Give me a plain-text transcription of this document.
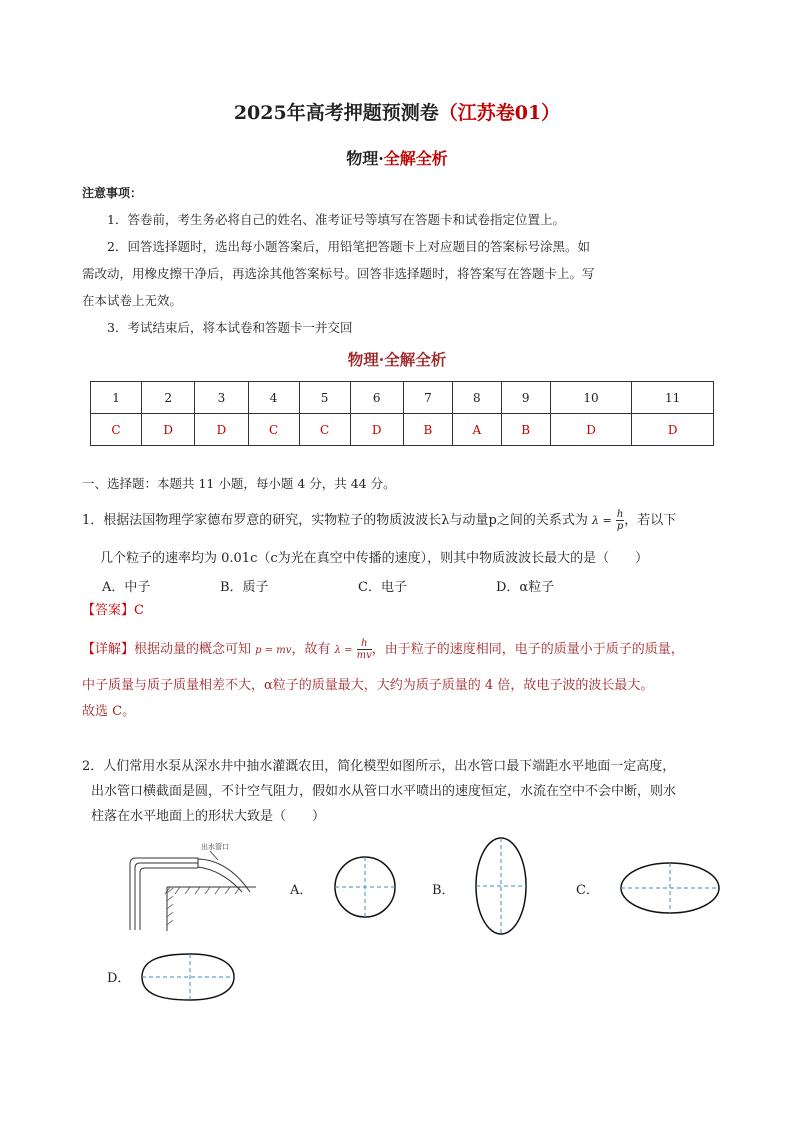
2025年高考押题预测卷（江苏卷01）
物理·全解全析
注意事项：
1．答卷前，考生务必将自己的姓名、准考证号等填写在答题卡和试卷指定位置上。
2．回答选择题时，选出每小题答案后，用铅笔把答题卡上对应题目的答案标号涂黑。如
需改动，用橡皮擦干净后，再选涂其他答案标号。回答非选择题时，将答案写在答题卡上。写
在本试卷上无效。
3．考试结束后，将本试卷和答题卡一并交回
物理·全解全析
1	2	3	4	5	6	7	8	9	10	11
C	D	D	C	C	D	B	A	B	D	D
一、选择题：本题共 11 小题，每小题 4 分，共 44 分。
1．根据法国物理学家德布罗意的研究，实物粒子的物质波波长λ与动量p之间的关系式为 $\lambda = \frac{h}{p}$ ，若以下
几个粒子的速率均为 0.01c（c为光在真空中传播的速度），则其中物质波波长最大的是（　　）
A．中子	B．质子	C．电子	D．α粒子
【答案】C
【详解】根据动量的概念可知 p = mv，故有 $\lambda = \frac{h}{mv}$ ，由于粒子的速度相同，电子的质量小于质子的质量，
中子质量与质子质量相差不大，α粒子的质量最大，大约为质子质量的 4 倍，故电子波的波长最大。
故选 C。
2．人们常用水泵从深水井中抽水灌溉农田，简化模型如图所示，出水管口最下端距水平地面一定高度，
出水管口横截面是圆，不计空气阻力，假如水从管口水平喷出的速度恒定，水流在空中不会中断，则水
柱落在水平地面上的形状大致是（　　）
出水管口
A．	B．	C．
D．
